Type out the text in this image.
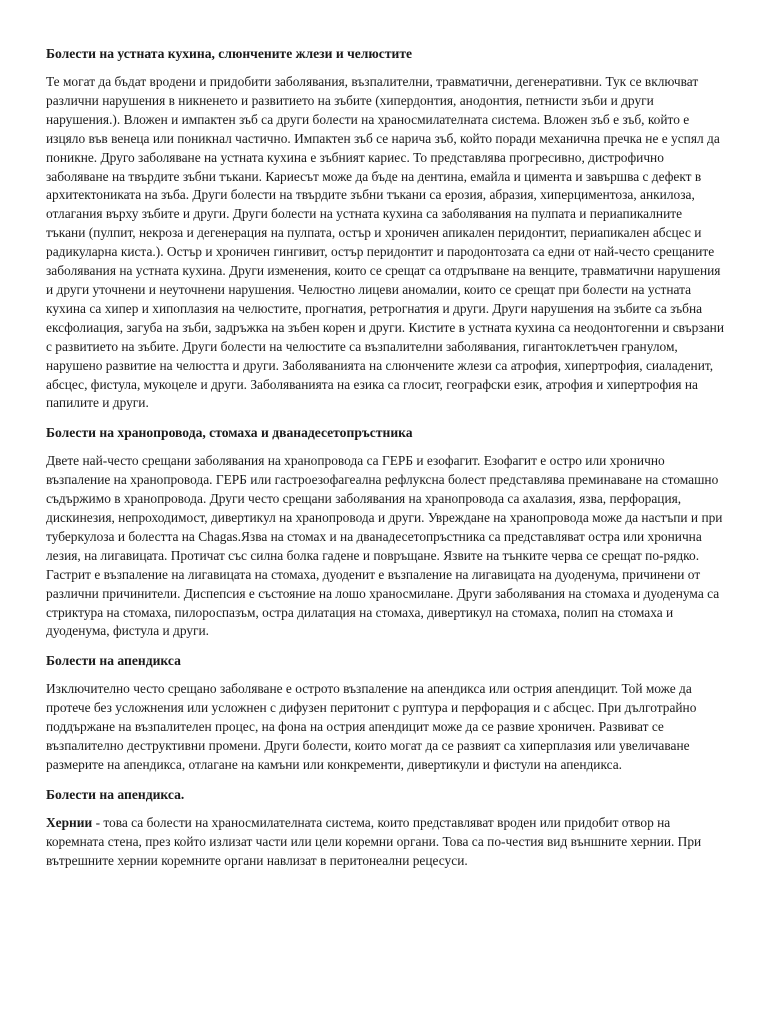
Болести на устната кухина, слюнчените жлези и челюстите
Те могат да бъдат вродени и придобити заболявания, възпалителни, травматични, дегенеративни. Тук се включват различни нарушения в никненето и развитието на зъбите (хипердонтия, анодонтия, петнисти зъби и други нарушения.). Вложен и импактен зъб са други болести на храносмилателната система. Вложен зъб е зъб, който е изцяло във венеца или поникнал частично. Импактен зъб се нарича зъб, който поради механична пречка не е успял да поникне. Друго заболяване на устната кухина е зъбният кариес. То представлява прогресивно, дистрофично заболяване на твърдите зъбни тъкани. Кариесът може да бъде на дентина, емайла и цимента и завършва с дефект в архитектониката на зъба. Други болести на твърдите зъбни тъкани са ерозия, абразия, хиперциментоза, анкилоза, отлагания върху зъбите и други. Други болести на устната кухина са заболявания на пулпата и периапикалните тъкани (пулпит, некроза и дегенерация на пулпата, остър и хроничен апикален перидонтит, периапикален абсцес и радикуларна киста.). Остър и хроничен гингивит, остър перидонтит и пародонтозата са едни от най-често срещаните заболявания на устната кухина. Други изменения, които се срещат са отдръпване на венците, травматични нарушения и други уточнени и неуточнени нарушения. Челюстно лицеви аномалии, които се срещат при болести на устната кухина са хипер и хипоплазия на челюстите, прогнатия, ретрогнатия и други. Други нарушения на зъбите са зъбна ексфолиация, загуба на зъби, задръжка на зъбен корен и други. Кистите в устната кухина са неодонтогенни и свързани с развитието на зъбите. Други болести на челюстите са възпалителни заболявания, гигантоклетъчен гранулом, нарушено развитие на челюстта и други. Заболяванията на слюнчените жлези са атрофия, хипертрофия, сиаладенит, абсцес, фистула, мукоцеле и други. Заболяванията на езика са глосит, географски език, атрофия и хипертрофия на папилите и други.
Болести на хранопровода, стомаха и дванадесетопръстника
Двете най-често срещани заболявания на хранопровода са ГЕРБ и езофагит. Езофагит е остро или хронично възпаление на хранопровода. ГЕРБ или гастроезофагеална рефлуксна болест представлява преминаване на стомашно съдържимо в хранопровода. Други често срещани заболявания на хранопровода са ахалазия, язва, перфорация, дискинезия, непроходимост, дивертикул на хранопровода и други. Увреждане на хранопровода може да настъпи и при туберкулоза и болестта на Chagas.Язва на стомах и на дванадесетопръстника са представляват остра или хронична лезия, на лигавицата. Протичат със силна болка гадене и повръщане. Язвите на тънките черва се срещат по-рядко. Гастрит е възпаление на лигавицата на стомаха, дуоденит е възпаление на лигавицата на дуоденума, причинени от различни причинители. Диспепсия е състояние на лошо храносмилане. Други заболявания на стомаха и дуоденума са стриктура на стомаха, пилороспазъм, остра дилатация на стомаха, дивертикул на стомаха, полип на стомаха и дуоденума, фистула и други.
Болести на апендикса
Изключително често срещано заболяване е острото възпаление на апендикса или острия апендицит. Той може да протече без усложнения или усложнен с дифузен перитонит с руптура и перфорация и с абсцес. При дълготрайно поддържане на възпалителен процес, на фона на острия апендицит може да се развие хроничен. Развиват се възпалително деструктивни промени. Други болести, които могат да се развият са хиперплазия или увеличаване размерите на апендикса, отлагане на камъни или конкременти, дивертикули и фистули на апендикса.
Болести на апендикса.
Хернии - това са болести на храносмилателната система, които представляват вроден или придобит отвор на коремната стена, през който излизат части или цели коремни органи. Това са по-честия вид външните хернии. При вътрешните хернии коремните органи навлизат в перитонеални рецесуси.
